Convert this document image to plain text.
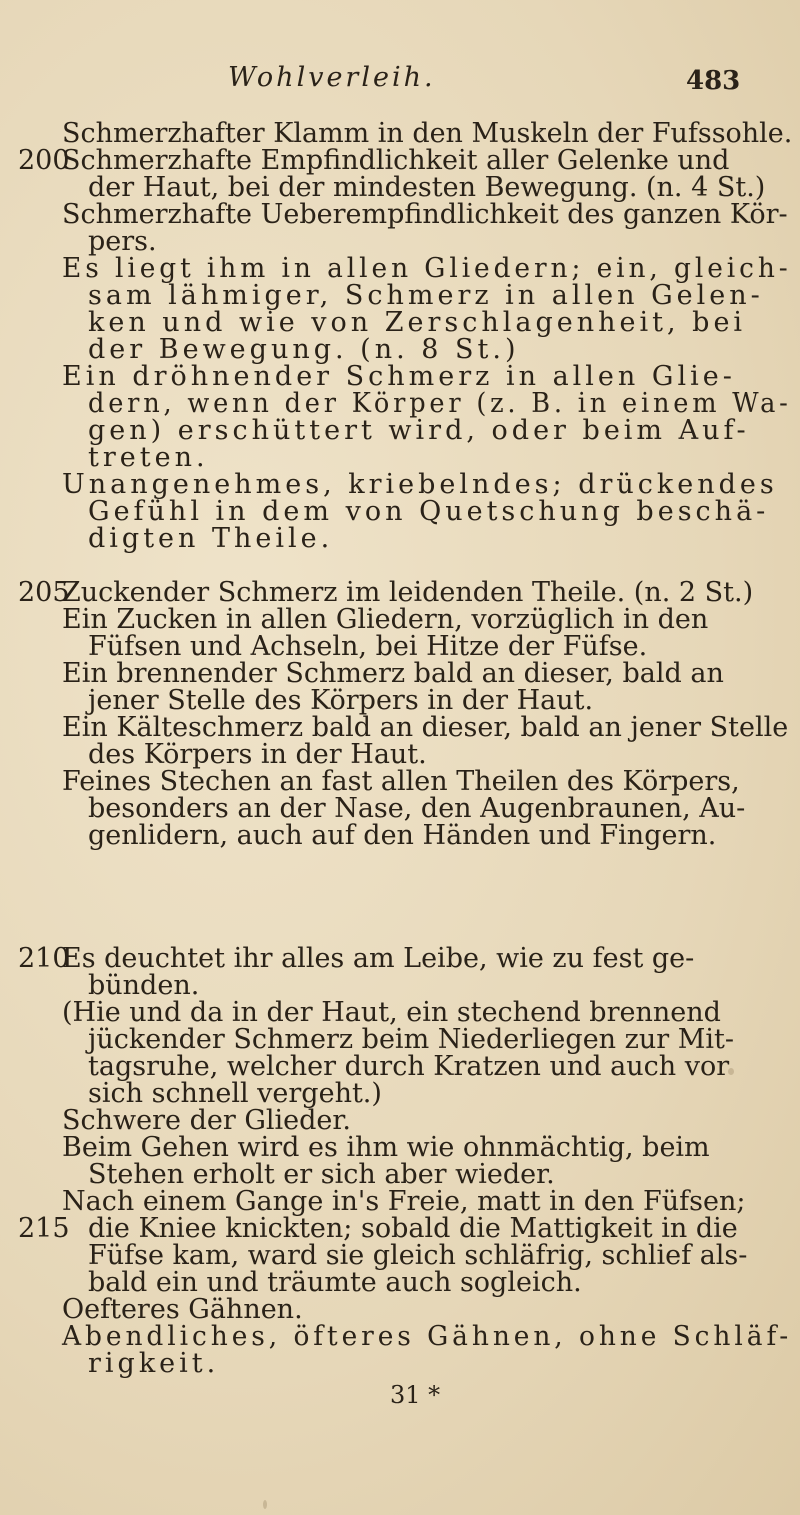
Wohlverleih.	483
200
205
210
215
Schmerzhafter Klamm in den Muskeln der Fufssohle.
Schmerzhafte Empfindlichkeit aller Gelenke und
der Haut, bei der mindesten Bewegung. (n. 4 St.)
Schmerzhafte Ueberempfindlichkeit des ganzen Kör-
pers.
Es liegt ihm in allen Gliedern; ein, gleich-
sam lähmiger, Schmerz in allen Gelen-
ken und wie von Zerschlagenheit, bei
der Bewegung. (n. 8 St.)
Ein dröhnender Schmerz in allen Glie-
dern, wenn der Körper (z. B. in einem Wa-
gen) erschüttert wird, oder beim Auf-
treten.
Unangenehmes, kriebelndes; drückendes
Gefühl in dem von Quetschung beschä-
digten Theile.
Zuckender Schmerz im leidenden Theile. (n. 2 St.)
Ein Zucken in allen Gliedern, vorzüglich in den
Füfsen und Achseln, bei Hitze der Füfse.
Ein brennender Schmerz bald an dieser, bald an
jener Stelle des Körpers in der Haut.
Ein Kälteschmerz bald an dieser, bald an jener Stelle
des Körpers in der Haut.
Feines Stechen an fast allen Theilen des Körpers,
besonders an der Nase, den Augenbraunen, Au-
genlidern, auch auf den Händen und Fingern.
Es deuchtet ihr alles am Leibe, wie zu fest ge-
bünden.
(Hie und da in der Haut, ein stechend brennend
jückender Schmerz beim Niederliegen zur Mit-
tagsruhe, welcher durch Kratzen und auch vor
sich schnell vergeht.)
Schwere der Glieder.
Beim Gehen wird es ihm wie ohnmächtig, beim
Stehen erholt er sich aber wieder.
Nach einem Gange in's Freie, matt in den Füfsen;
die Kniee knickten; sobald die Mattigkeit in die
Füfse kam, ward sie gleich schläfrig, schlief als-
bald ein und träumte auch sogleich.
Oefteres Gähnen.
Abendliches, öfteres Gähnen, ohne Schläf-
rigkeit.
31 *
